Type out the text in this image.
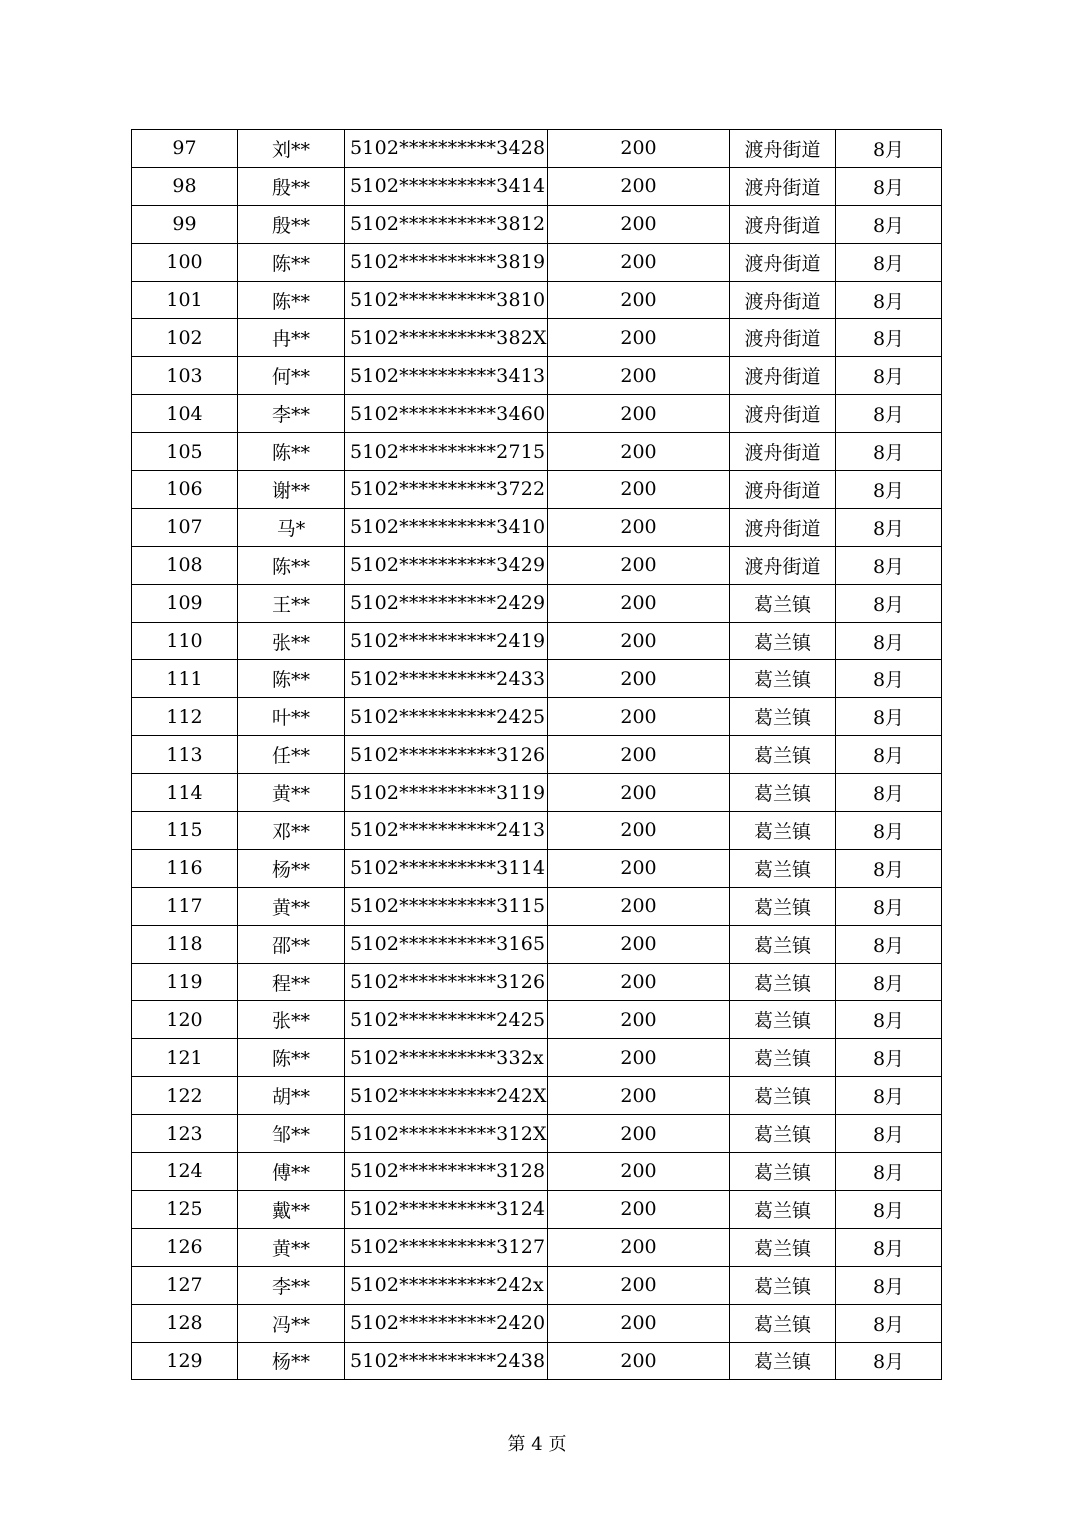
97	刘**	5102**********3428	200	渡舟街道	8月
98	殷**	5102**********3414	200	渡舟街道	8月
99	殷**	5102**********3812	200	渡舟街道	8月
100	陈**	5102**********3819	200	渡舟街道	8月
101	陈**	5102**********3810	200	渡舟街道	8月
102	冉**	5102**********382X	200	渡舟街道	8月
103	何**	5102**********3413	200	渡舟街道	8月
104	李**	5102**********3460	200	渡舟街道	8月
105	陈**	5102**********2715	200	渡舟街道	8月
106	谢**	5102**********3722	200	渡舟街道	8月
107	马*	5102**********3410	200	渡舟街道	8月
108	陈**	5102**********3429	200	渡舟街道	8月
109	王**	5102**********2429	200	葛兰镇	8月
110	张**	5102**********2419	200	葛兰镇	8月
111	陈**	5102**********2433	200	葛兰镇	8月
112	叶**	5102**********2425	200	葛兰镇	8月
113	任**	5102**********3126	200	葛兰镇	8月
114	黄**	5102**********3119	200	葛兰镇	8月
115	邓**	5102**********2413	200	葛兰镇	8月
116	杨**	5102**********3114	200	葛兰镇	8月
117	黄**	5102**********3115	200	葛兰镇	8月
118	邵**	5102**********3165	200	葛兰镇	8月
119	程**	5102**********3126	200	葛兰镇	8月
120	张**	5102**********2425	200	葛兰镇	8月
121	陈**	5102**********332x	200	葛兰镇	8月
122	胡**	5102**********242X	200	葛兰镇	8月
123	邹**	5102**********312X	200	葛兰镇	8月
124	傅**	5102**********3128	200	葛兰镇	8月
125	戴**	5102**********3124	200	葛兰镇	8月
126	黄**	5102**********3127	200	葛兰镇	8月
127	李**	5102**********242x	200	葛兰镇	8月
128	冯**	5102**********2420	200	葛兰镇	8月
129	杨**	5102**********2438	200	葛兰镇	8月
第 4 页
